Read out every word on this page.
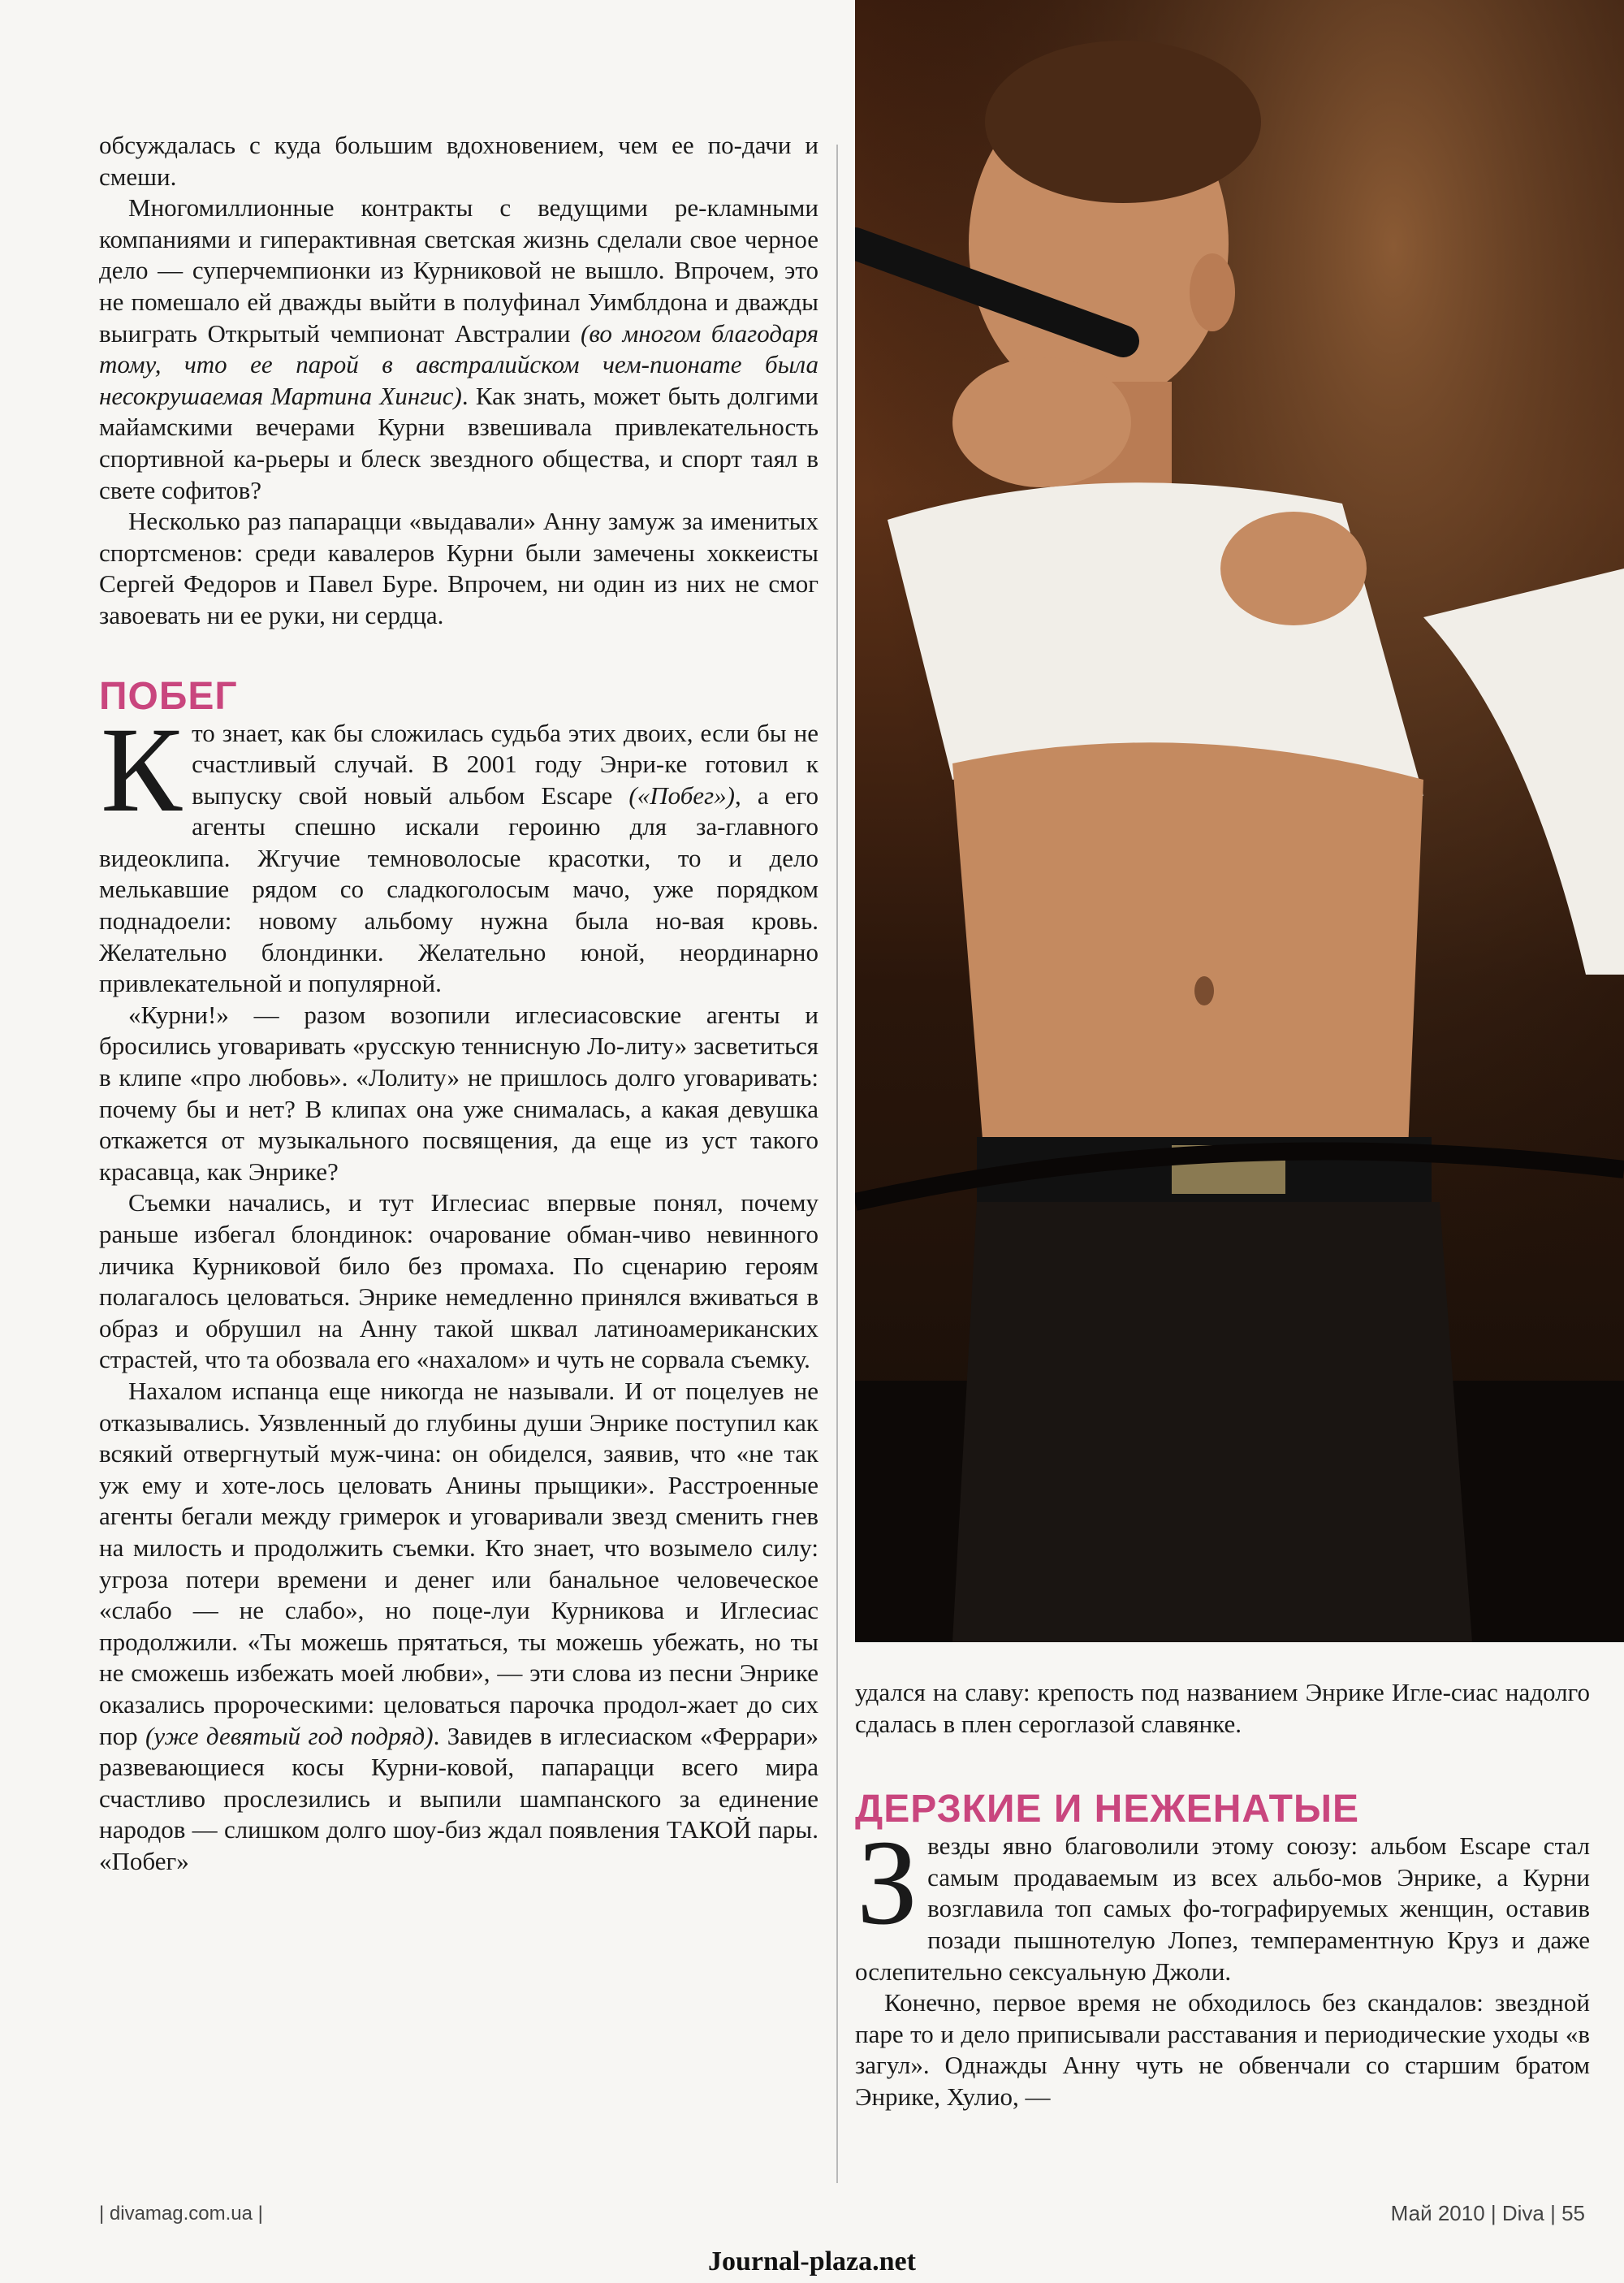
обсуждалась с куда большим вдохновением, чем ее по-дачи и смеши.

Многомиллионные контракты с ведущими ре-кламными компаниями и гиперактивная светская жизнь сделали свое черное дело — суперчемпионки из Курниковой не вышло. Впрочем, это не помешало ей дважды выйти в полуфинал Уимблдона и дважды выиграть Открытый чемпионат Австралии (во многом благодаря тому, что ее парой в австралийском чем-пионате была несокрушаемая Мартина Хингис). Как знать, может быть долгими майамскими вечерами Курни взвешивала привлекательность спортивной ка-рьеры и блеск звездного общества, и спорт таял в свете софитов?

Несколько раз папарацци «выдавали» Анну замуж за именитых спортсменов: среди кавалеров Курни были замечены хоккеисты Сергей Федоров и Павел Буре. Впрочем, ни один из них не смог завоевать ни ее руки, ни сердца.

ПОБЕГ

Кто знает, как бы сложилась судьба этих двоих, если бы не счастливый случай. В 2001 году Энри-ке готовил к выпуску свой новый альбом Escape («Побег»), а его агенты спешно искали героиню для за-главного видеоклипа. Жгучие темноволосые красотки, то и дело мелькавшие рядом со сладкоголосым мачо, уже порядком поднадоели: новому альбому нужна была но-вая кровь. Желательно блондинки. Желательно юной, неординарно привлекательной и популярной.

«Курни!» — разом возопили иглесиасовские агенты и бросились уговаривать «русскую теннисную Ло-литу» засветиться в клипе «про любовь». «Лолиту» не пришлось долго уговаривать: почему бы и нет? В клипах она уже снималась, а какая девушка откажется от музыкального посвящения, да еще из уст такого красавца, как Энрике?

Съемки начались, и тут Иглесиас впервые понял, почему раньше избегал блондинок: очарование обман-чиво невинного личика Курниковой било без промаха. По сценарию героям полагалось целоваться. Энрике немедленно принялся вживаться в образ и обрушил на Анну такой шквал латиноамериканских страстей, что та обозвала его «нахалом» и чуть не сорвала съемку.

Нахалом испанца еще никогда не называли. И от поцелуев не отказывались. Уязвленный до глубины души Энрике поступил как всякий отвергнутый муж-чина: он обиделся, заявив, что «не так уж ему и хоте-лось целовать Анины прыщики». Расстроенные агенты бегали между гримерок и уговаривали звезд сменить гнев на милость и продолжить съемки. Кто знает, что возымело силу: угроза потери времени и денег или банальное человеческое «слабо — не слабо», но поце-луи Курникова и Иглесиас продолжили. «Ты можешь прятаться, ты можешь убежать, но ты не сможешь избежать моей любви», — эти слова из песни Энрике оказались пророческими: целоваться парочка продол-жает до сих пор (уже девятый год подряд). Завидев в иглесиаском «Феррари» развевающиеся косы Курни-ковой, папарацци всего мира счастливо прослезились и выпили шампанского за единение народов — слишком долго шоу-биз ждал появления ТАКОЙ пары. «Побег»

удался на славу: крепость под названием Энрике Игле-сиас надолго сдалась в плен сероглазой славянке.

ДЕРЗКИЕ И НЕЖЕНАТЫЕ

Звезды явно благоволили этому союзу: альбом Escape стал самым продаваемым из всех альбо-мов Энрике, а Курни возглавила топ самых фо-тографируемых женщин, оставив позади пышнотелую Лопез, темпераментную Круз и даже ослепительно сексуальную Джоли.

Конечно, первое время не обходилось без скандалов: звездной паре то и дело приписывали расставания и периодические уходы «в загул». Однажды Анну чуть не обвенчали со старшим братом Энрике, Хулио, —

| divamag.com.ua |	Май 2010 | Diva | 55
Journal-plaza.net
